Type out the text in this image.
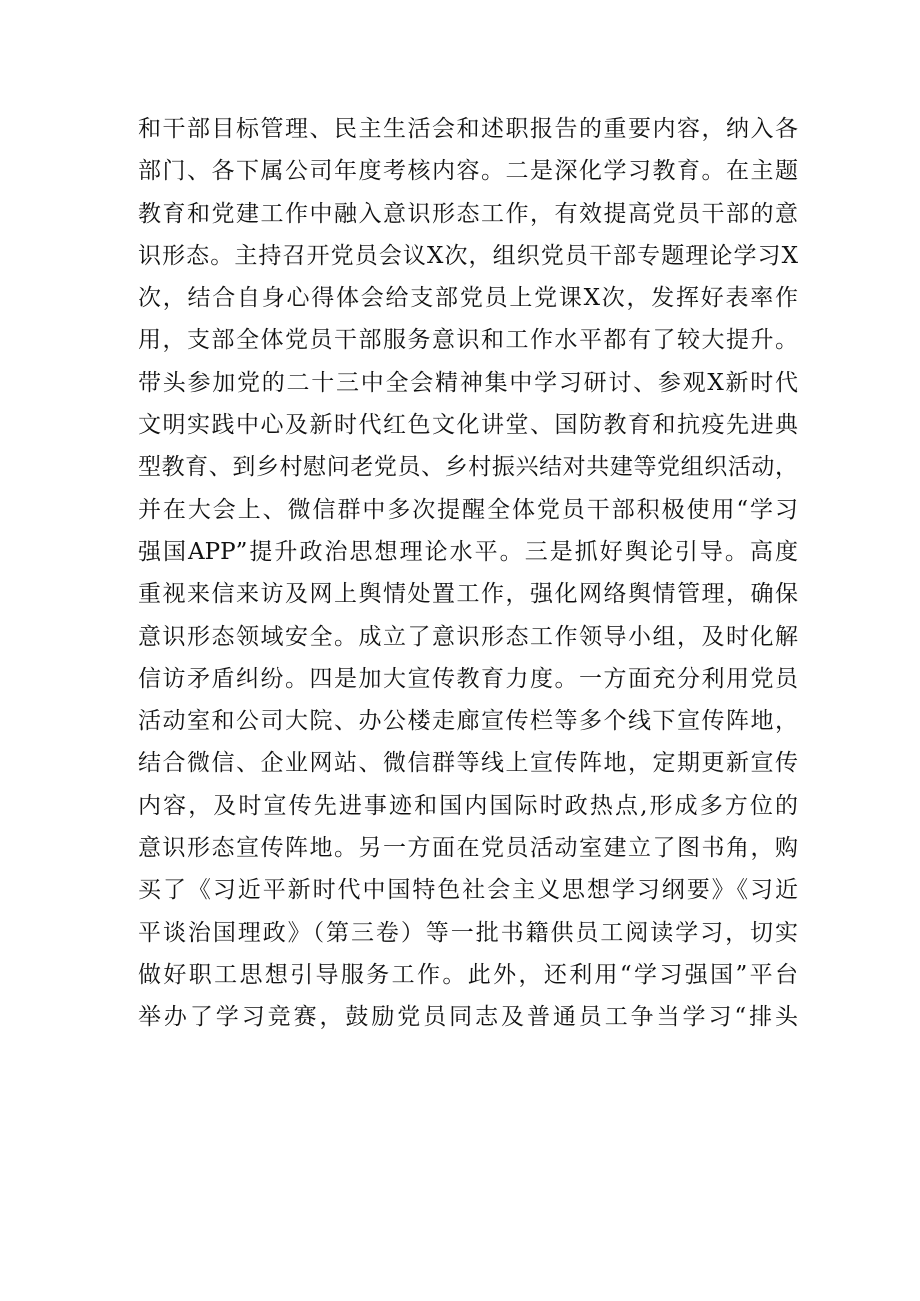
和干部目标管理、民主生活会和述职报告的重要内容，纳入各
部门、各下属公司年度考核内容。二是深化学习教育。在主题
教育和党建工作中融入意识形态工作，有效提高党员干部的意
识形态。主持召开党员会议X次，组织党员干部专题理论学习X
次，结合自身心得体会给支部党员上党课X次，发挥好表率作
用，支部全体党员干部服务意识和工作水平都有了较大提升。
带头参加党的二十三中全会精神集中学习研讨、参观X新时代
文明实践中心及新时代红色文化讲堂、国防教育和抗疫先进典
型教育、到乡村慰问老党员、乡村振兴结对共建等党组织活动，
并在大会上、微信群中多次提醒全体党员干部积极使用“学习
强国APP”提升政治思想理论水平。三是抓好舆论引导。高度
重视来信来访及网上舆情处置工作，强化网络舆情管理，确保
意识形态领域安全。成立了意识形态工作领导小组，及时化解
信访矛盾纠纷。四是加大宣传教育力度。一方面充分利用党员
活动室和公司大院、办公楼走廊宣传栏等多个线下宣传阵地，
结合微信、企业网站、微信群等线上宣传阵地，定期更新宣传
内容，及时宣传先进事迹和国内国际时政热点,形成多方位的
意识形态宣传阵地。另一方面在党员活动室建立了图书角，购
买了《习近平新时代中国特色社会主义思想学习纲要》《习近
平谈治国理政》（第三卷）等一批书籍供员工阅读学习，切实
做好职工思想引导服务工作。此外，还利用“学习强国”平台
举办了学习竞赛，鼓励党员同志及普通员工争当学习“排头
